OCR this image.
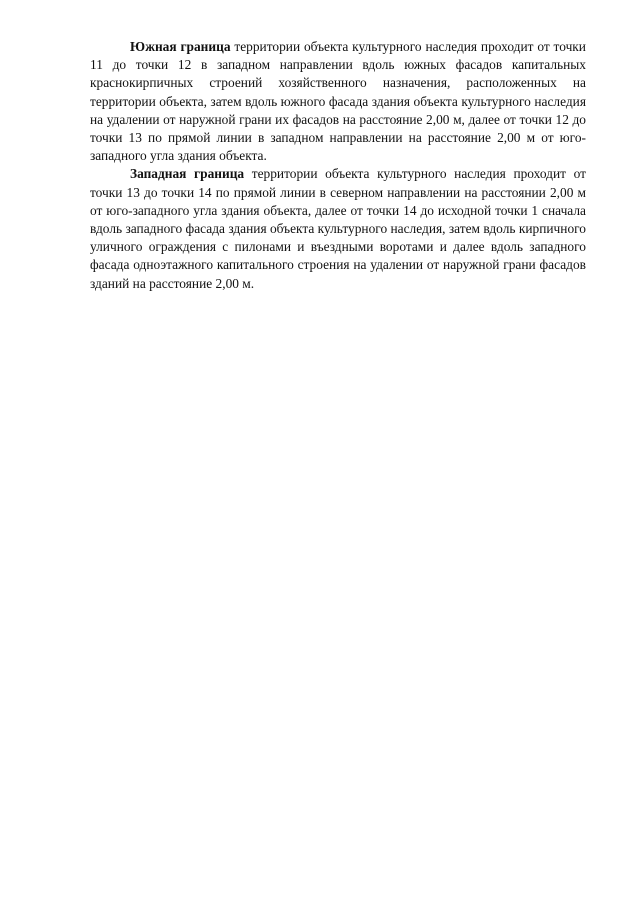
Южная граница территории объекта культурного наследия проходит от точки 11 до точки 12 в западном направлении вдоль южных фасадов капитальных краснокирпичных строений хозяйственного назначения, расположенных на территории объекта, затем вдоль южного фасада здания объекта культурного наследия на удалении от наружной грани их фасадов на расстояние 2,00 м, далее от точки 12 до точки 13 по прямой линии в западном направлении на расстояние 2,00 м от юго-западного угла здания объекта.

Западная граница территории объекта культурного наследия проходит от точки 13 до точки 14 по прямой линии в северном направлении на расстоянии 2,00 м от юго-западного угла здания объекта, далее от точки 14 до исходной точки 1 сначала вдоль западного фасада здания объекта культурного наследия, затем вдоль кирпичного уличного ограждения с пилонами и въездными воротами и далее вдоль западного фасада одноэтажного капитального строения на удалении от наружной грани фасадов зданий на расстояние 2,00 м.
